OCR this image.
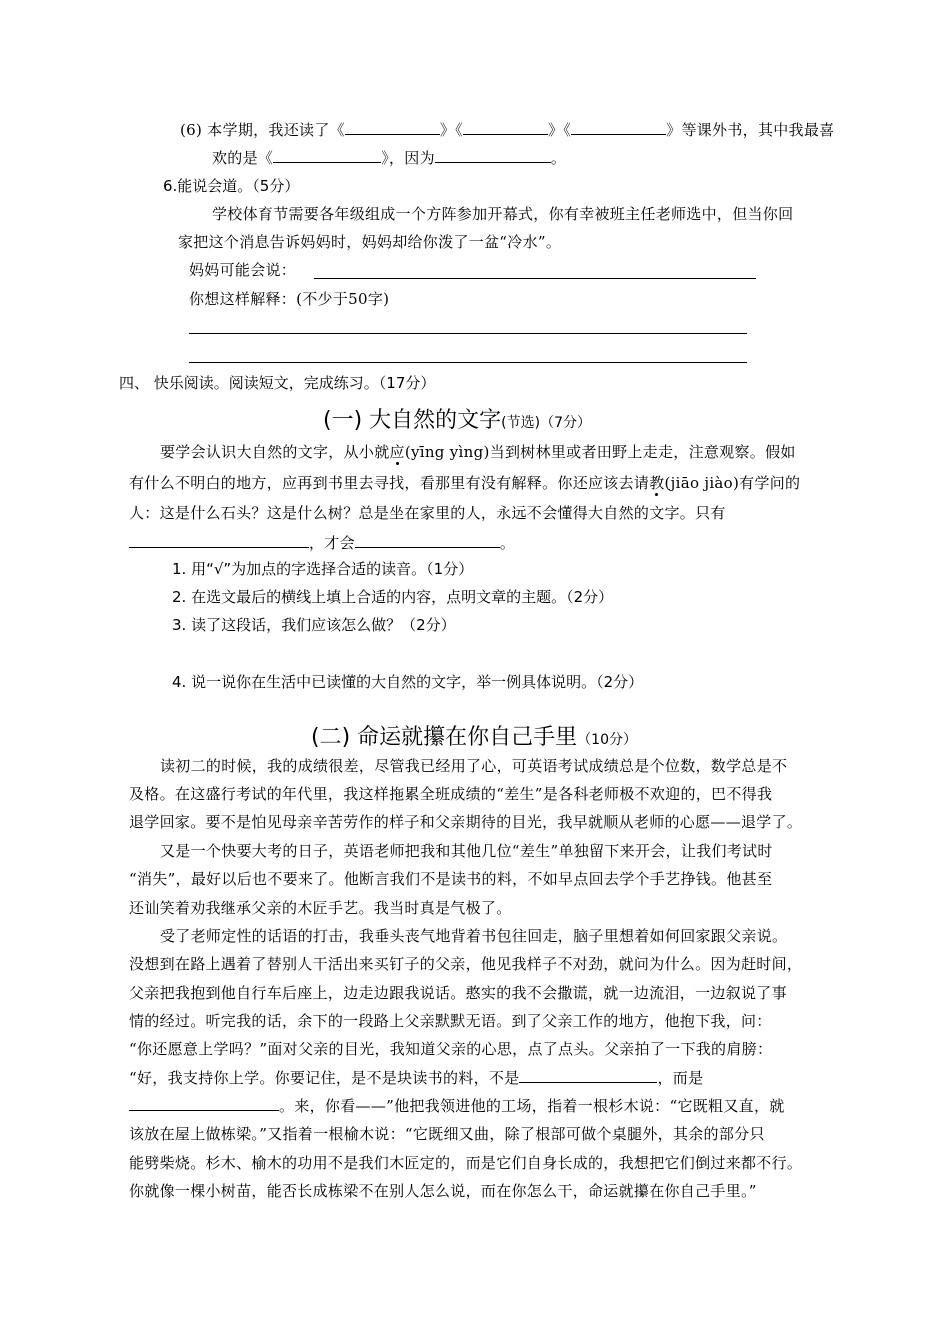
(6) 本学期，我还读了《	》《	》《	》等课外书，其中我最喜
欢的是《	》，因为	。
6.能说会道。（5分）
学校体育节需要各年级组成一个方阵参加开幕式，你有幸被班主任老师选中，但当你回
家把这个消息告诉妈妈时，妈妈却给你泼了一盆“冷水”。
妈妈可能会说：
你想这样解释：(不少于50字)
四、 快乐阅读。阅读短文，完成练习。（17分）
(一) 大自然的文字(节选)（7分）
要学会认识大自然的文字，从小就应(yīng yìng)当到树林里或者田野上走走，注意观察。假如
有什么不明白的地方，应再到书里去寻找，看那里有没有解释。你还应该去请教(jiāo jiào)有学问的
人：这是什么石头？这是什么树？总是坐在家里的人，永远不会懂得大自然的文字。只有
，才会	。
1. 用“√”为加点的字选择合适的读音。（1分）
2. 在选文最后的横线上填上合适的内容，点明文章的主题。（2分）
3. 读了这段话，我们应该怎么做？（2分）
4. 说一说你在生活中已读懂的大自然的文字，举一例具体说明。（2分）
(二) 命运就攥在你自己手里（10分）
读初二的时候，我的成绩很差，尽管我已经用了心，可英语考试成绩总是个位数，数学总是不
及格。在这盛行考试的年代里，我这样拖累全班成绩的“差生”是各科老师极不欢迎的，巴不得我
退学回家。要不是怕见母亲辛苦劳作的样子和父亲期待的目光，我早就顺从老师的心愿——退学了。
又是一个快要大考的日子，英语老师把我和其他几位“差生”单独留下来开会，让我们考试时
“消失”，最好以后也不要来了。他断言我们不是读书的料，不如早点回去学个手艺挣钱。他甚至
还讪笑着劝我继承父亲的木匠手艺。我当时真是气极了。
受了老师定性的话语的打击，我垂头丧气地背着书包往回走，脑子里想着如何回家跟父亲说。
没想到在路上遇着了替别人干活出来买钉子的父亲，他见我样子不对劲，就问为什么。因为赶时间，
父亲把我抱到他自行车后座上，边走边跟我说话。憨实的我不会撒谎，就一边流泪，一边叙说了事
情的经过。听完我的话，余下的一段路上父亲默默无语。到了父亲工作的地方，他抱下我，问：
“你还愿意上学吗？”面对父亲的目光，我知道父亲的心思，点了点头。父亲拍了一下我的肩膀：
“好，我支持你上学。你要记住，是不是块读书的料，不是	，而是
。来，你看——”他把我领进他的工场，指着一根杉木说：“它既粗又直，就
该放在屋上做栋梁。”又指着一根榆木说：“它既细又曲，除了根部可做个桌腿外，其余的部分只
能劈柴烧。杉木、榆木的功用不是我们木匠定的，而是它们自身长成的，我想把它们倒过来都不行。
你就像一棵小树苗，能否长成栋梁不在别人怎么说，而在你怎么干，命运就攥在你自己手里。”
